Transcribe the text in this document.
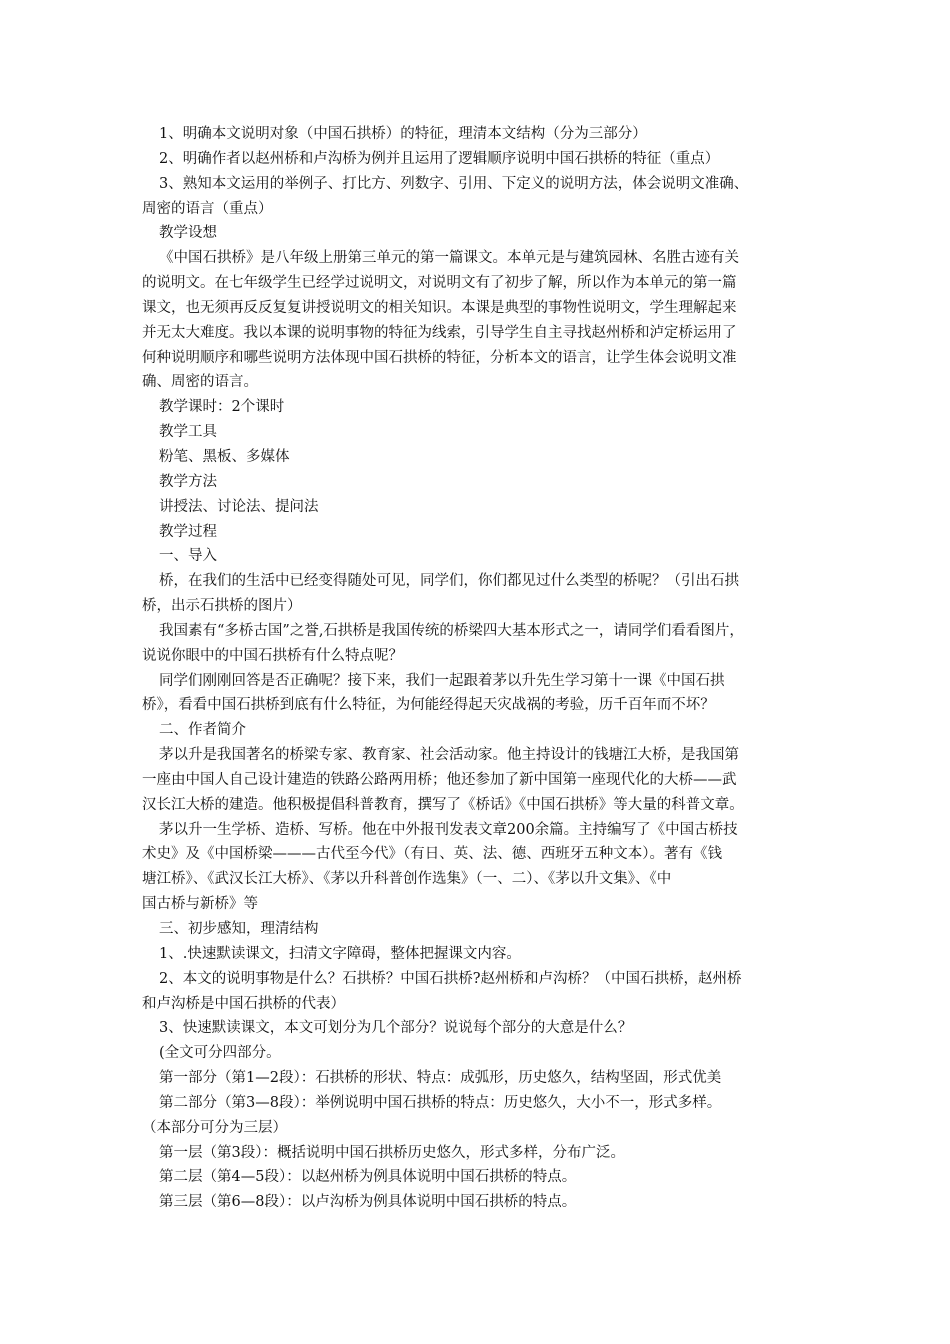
1、明确本文说明对象（中国石拱桥）的特征，理清本文结构（分为三部分）

2、明确作者以赵州桥和卢沟桥为例并且运用了逻辑顺序说明中国石拱桥的特征（重点）

3、熟知本文运用的举例子、打比方、列数字、引用、下定义的说明方法，体会说明文准确、

周密的语言（重点）

教学设想

《中国石拱桥》是八年级上册第三单元的第一篇课文。本单元是与建筑园林、名胜古迹有关

的说明文。在七年级学生已经学过说明文，对说明文有了初步了解，所以作为本单元的第一篇

课文，也无须再反反复复讲授说明文的相关知识。本课是典型的事物性说明文，学生理解起来

并无太大难度。我以本课的说明事物的特征为线索，引导学生自主寻找赵州桥和泸定桥运用了

何种说明顺序和哪些说明方法体现中国石拱桥的特征，分析本文的语言，让学生体会说明文准

确、周密的语言。

教学课时：2个课时

教学工具

粉笔、黑板、多媒体

教学方法

讲授法、讨论法、提问法

教学过程

一、导入

桥，在我们的生活中已经变得随处可见，同学们，你们都见过什么类型的桥呢？（引出石拱

桥，出示石拱桥的图片）

我国素有“多桥古国”之誉,石拱桥是我国传统的桥梁四大基本形式之一，请同学们看看图片，

说说你眼中的中国石拱桥有什么特点呢？

同学们刚刚回答是否正确呢？接下来，我们一起跟着茅以升先生学习第十一课《中国石拱

桥》，看看中国石拱桥到底有什么特征，为何能经得起天灾战祸的考验，历千百年而不坏？

二、作者简介

茅以升是我国著名的桥梁专家、教育家、社会活动家。他主持设计的钱塘江大桥，是我国第

一座由中国人自己设计建造的铁路公路两用桥；他还参加了新中国第一座现代化的大桥——武

汉长江大桥的建造。他积极提倡科普教育，撰写了《桥话》《中国石拱桥》等大量的科普文章。

茅以升一生学桥、造桥、写桥。他在中外报刊发表文章200余篇。主持编写了《中国古桥技

术史》及《中国桥梁———古代至今代》（有日、英、法、德、西班牙五种文本）。著有《钱

塘江桥》、《武汉长江大桥》、《茅以升科普创作选集》（一、二）、《茅以升文集》、《中

国古桥与新桥》等

三、初步感知，理清结构

1、.快速默读课文，扫清文字障碍，整体把握课文内容。

2、本文的说明事物是什么？石拱桥？中国石拱桥?赵州桥和卢沟桥？（中国石拱桥，赵州桥

和卢沟桥是中国石拱桥的代表）

3、快速默读课文，本文可划分为几个部分？说说每个部分的大意是什么？

(全文可分四部分。

第一部分（第1—2段）：石拱桥的形状、特点：成弧形，历史悠久，结构坚固，形式优美

第二部分（第3—8段）：举例说明中国石拱桥的特点：历史悠久，大小不一，形式多样。

（本部分可分为三层）

第一层（第3段）：概括说明中国石拱桥历史悠久，形式多样，分布广泛。

第二层（第4—5段）：以赵州桥为例具体说明中国石拱桥的特点。

第三层（第6—8段）：以卢沟桥为例具体说明中国石拱桥的特点。
